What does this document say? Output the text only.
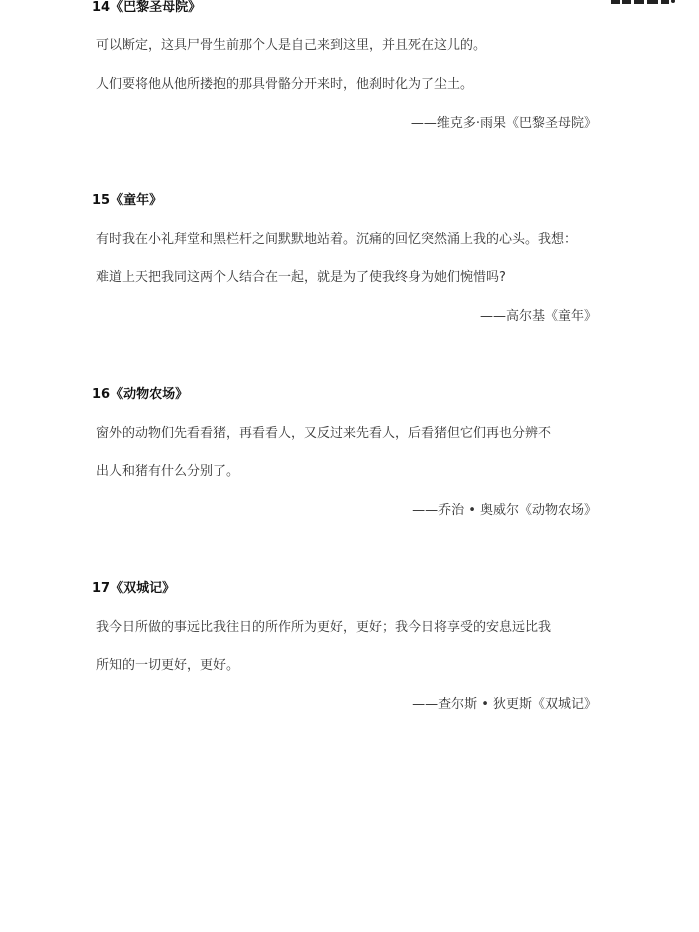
14《巴黎圣母院》
可以断定，这具尸骨生前那个人是自己来到这里，并且死在这儿的。
人们要将他从他所搂抱的那具骨骼分开来时，他刹时化为了尘土。
——维克多·雨果《巴黎圣母院》
15《童年》
有时我在小礼拜堂和黑栏杆之间默默地站着。沉痛的回忆突然涌上我的心头。我想：
难道上天把我同这两个人结合在一起，就是为了使我终身为她们惋惜吗?
——高尔基《童年》
16《动物农场》
窗外的动物们先看看猪，再看看人，又反过来先看人，后看猪但它们再也分辨不
出人和猪有什么分别了。
——乔治 • 奥威尔《动物农场》
17《双城记》
我今日所做的事远比我往日的所作所为更好，更好；我今日将享受的安息远比我
所知的一切更好，更好。
——查尔斯 • 狄更斯《双城记》
